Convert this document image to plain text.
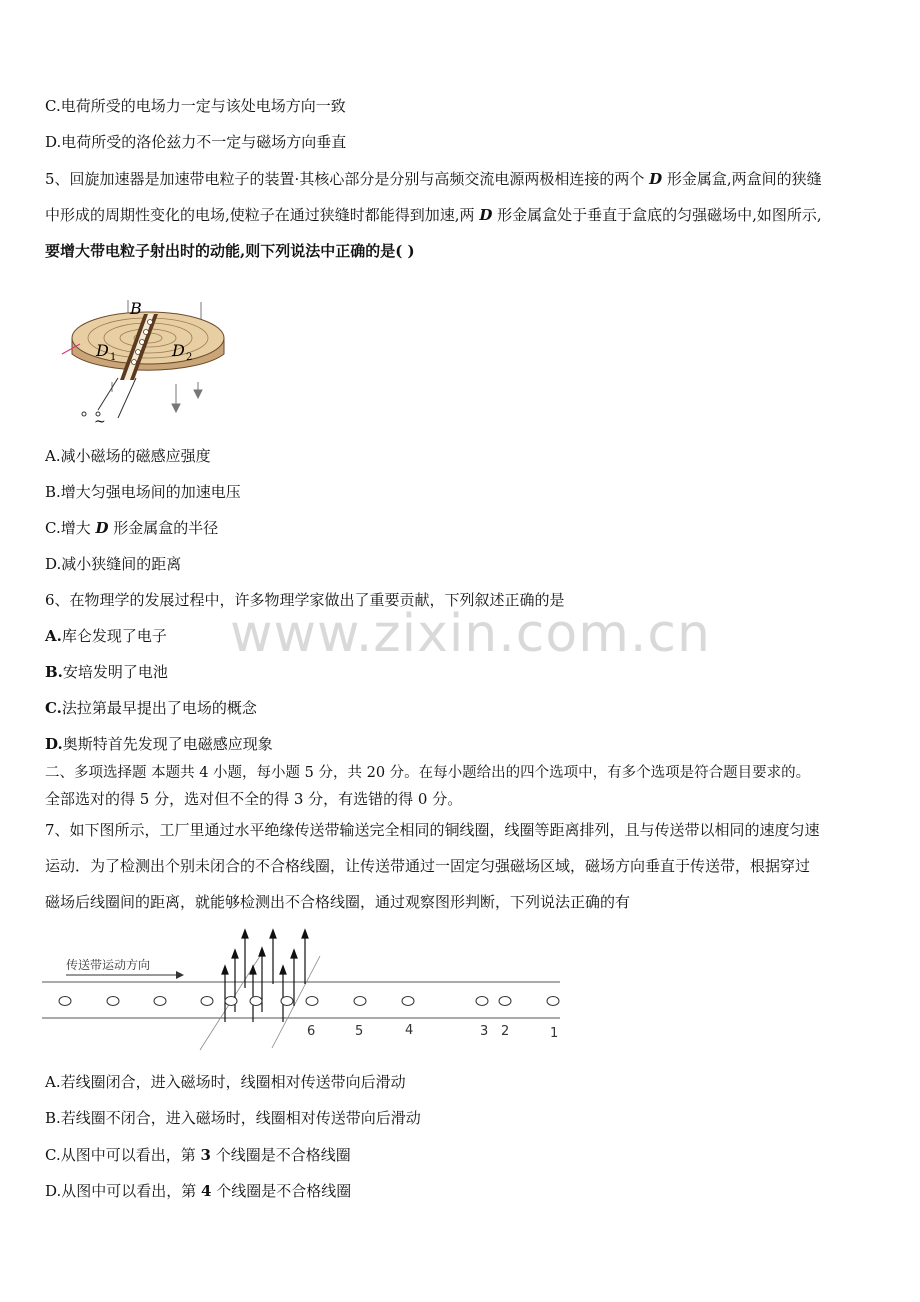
www.zixin.com.cn
C.电荷所受的电场力一定与该处电场方向一致
D.电荷所受的洛伦兹力不一定与磁场方向垂直
5、回旋加速器是加速带电粒子的装置·其核心部分是分别与高频交流电源两极相连接的两个 D 形金属盒,两盒间的狭缝
中形成的周期性变化的电场,使粒子在通过狭缝时都能得到加速,两 D 形金属盒处于垂直于盒底的匀强磁场中,如图所示,
要增大带电粒子射出时的动能,则下列说法中正确的是( )
~
B
D 1	D 2
A.减小磁场的磁感应强度
B.增大匀强电场间的加速电压
C.增大 D 形金属盒的半径
D.减小狭缝间的距离
6、在物理学的发展过程中，许多物理学家做出了重要贡献，下列叙述正确的是
A.库仑发现了电子
B.安培发明了电池
C.法拉第最早提出了电场的概念
D.奥斯特首先发现了电磁感应现象
二、多项选择题 本题共 4 小题，每小题 5 分，共 20 分。在每小题给出的四个选项中，有多个选项是符合题目要求的。
全部选对的得 5 分，选对但不全的得 3 分，有选错的得 0 分。
7、如下图所示，工厂里通过水平绝缘传送带输送完全相同的铜线圈，线圈等距离排列，且与传送带以相同的速度匀速
运动．为了检测出个别未闭合的不合格线圈，让传送带通过一固定匀强磁场区域，磁场方向垂直于传送带，根据穿过
磁场后线圈间的距离，就能够检测出不合格线圈，通过观察图形判断，下列说法正确的有
传送带运动方向
6	5	4	3 2	1
A.若线圈闭合，进入磁场时，线圈相对传送带向后滑动
B.若线圈不闭合，进入磁场时，线圈相对传送带向后滑动
C.从图中可以看出，第 3 个线圈是不合格线圈
D.从图中可以看出，第 4 个线圈是不合格线圈
